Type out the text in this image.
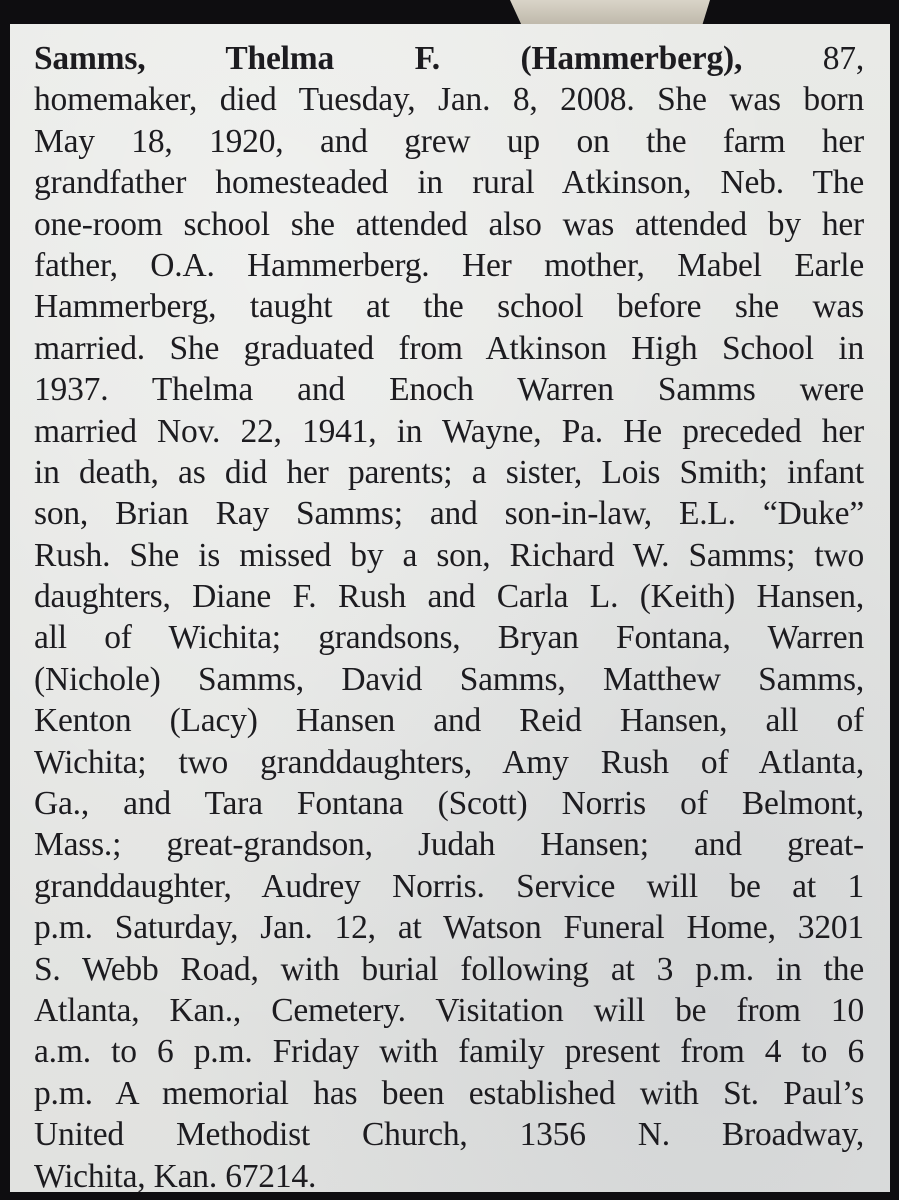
Samms, Thelma F. (Hammerberg), 87,
homemaker, died Tuesday, Jan. 8, 2008. She was born
May 18, 1920, and grew up on the farm her
grandfather homesteaded in rural Atkinson, Neb. The
one-room school she attended also was attended by her
father, O.A. Hammerberg. Her mother, Mabel Earle
Hammerberg, taught at the school before she was
married. She graduated from Atkinson High School in
1937. Thelma and Enoch Warren Samms were
married Nov. 22, 1941, in Wayne, Pa. He preceded her
in death, as did her parents; a sister, Lois Smith; infant
son, Brian Ray Samms; and son-in-law, E.L. “Duke”
Rush. She is missed by a son, Richard W. Samms; two
daughters, Diane F. Rush and Carla L. (Keith) Hansen,
all of Wichita; grandsons, Bryan Fontana, Warren
(Nichole) Samms, David Samms, Matthew Samms,
Kenton (Lacy) Hansen and Reid Hansen, all of
Wichita; two granddaughters, Amy Rush of Atlanta,
Ga., and Tara Fontana (Scott) Norris of Belmont,
Mass.; great-grandson, Judah Hansen; and great-
granddaughter, Audrey Norris. Service will be at 1
p.m. Saturday, Jan. 12, at Watson Funeral Home, 3201
S. Webb Road, with burial following at 3 p.m. in the
Atlanta, Kan., Cemetery. Visitation will be from 10
a.m. to 6 p.m. Friday with family present from 4 to 6
p.m. A memorial has been established with St. Paul’s
United Methodist Church, 1356 N. Broadway,
Wichita, Kan. 67214.
